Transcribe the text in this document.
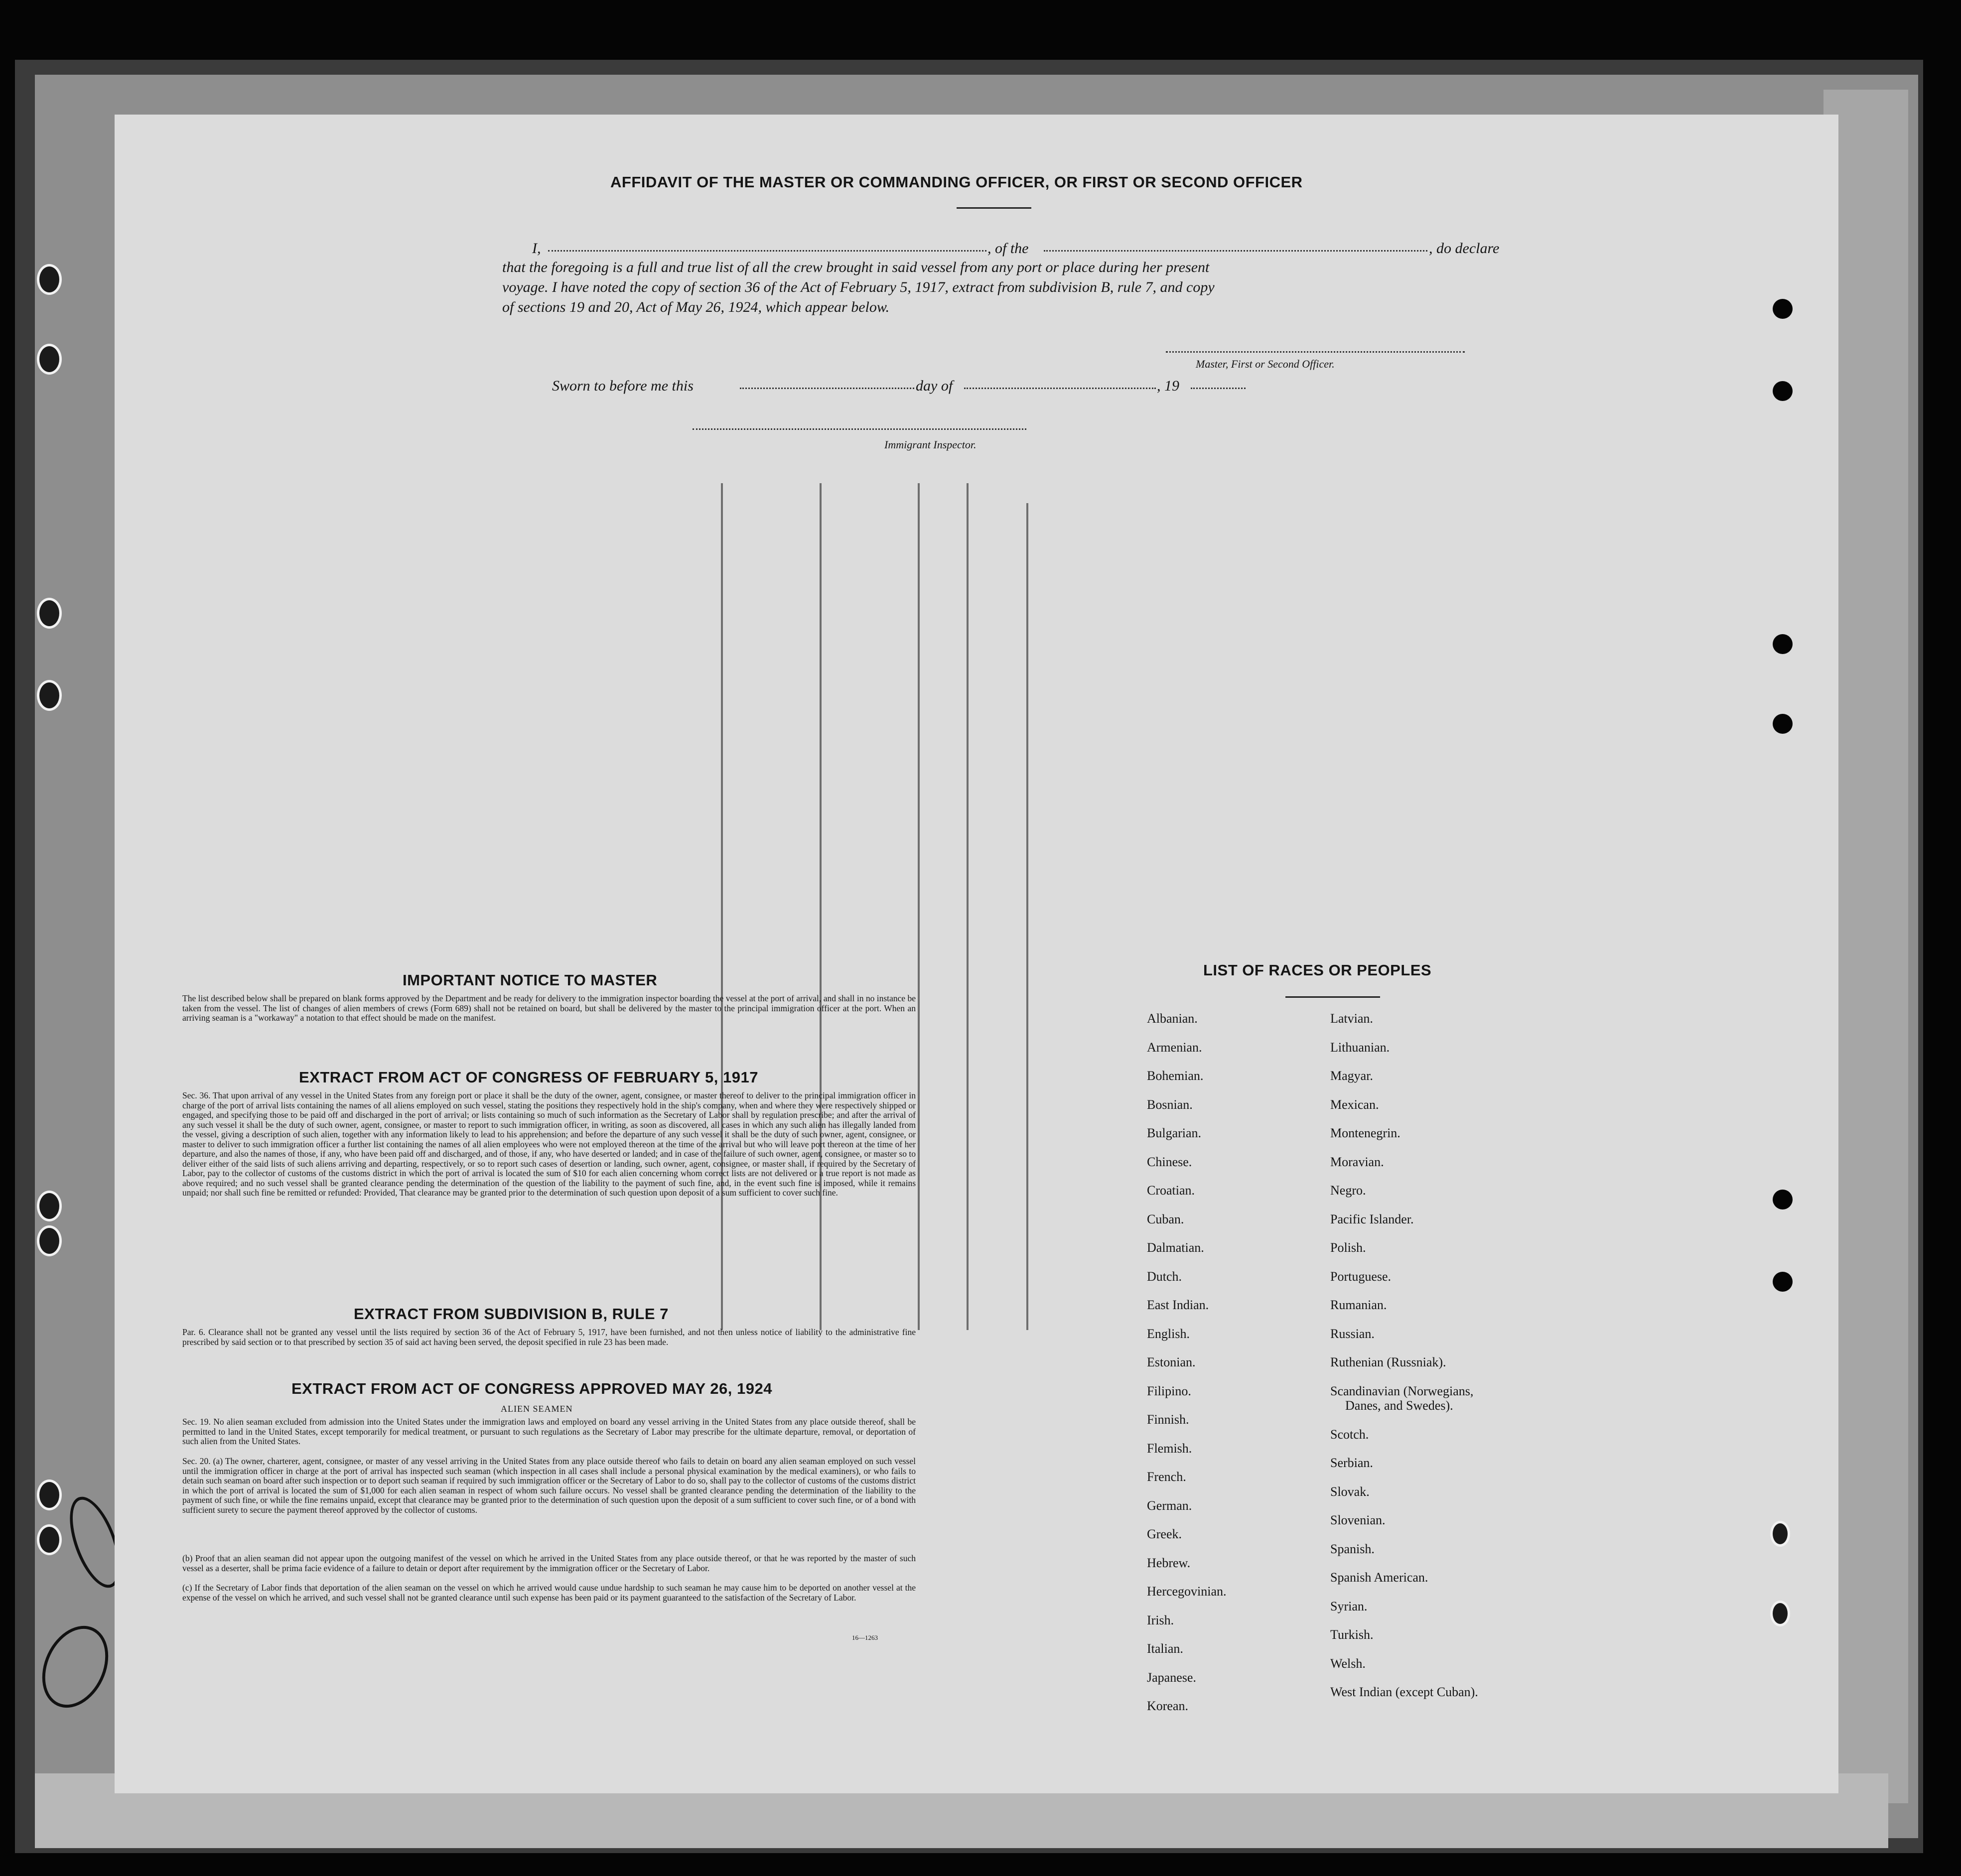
AFFIDAVIT OF THE MASTER OR COMMANDING OFFICER, OR FIRST OR SECOND OFFICER
I,	, of the	, do declare
that the foregoing is a full and true list of all the crew brought in said vessel from any port or place during her present
voyage. I have noted the copy of section 36 of the Act of February 5, 1917, extract from subdivision B, rule 7, and copy
of sections 19 and 20, Act of May 26, 1924, which appear below.
Master, First or Second Officer.
Sworn to before me this	day of	, 19
Immigrant Inspector.
IMPORTANT NOTICE TO MASTER
The list described below shall be prepared on blank forms approved by the Department and be ready for delivery to the immigration inspector boarding the vessel at the port of arrival, and shall in no instance be taken from the vessel. The list of changes of alien members of crews (Form 689) shall not be retained on board, but shall be delivered by the master to the principal immigration officer at the port. When an arriving seaman is a "workaway" a notation to that effect should be made on the manifest.
EXTRACT FROM ACT OF CONGRESS OF FEBRUARY 5, 1917
Sec. 36. That upon arrival of any vessel in the United States from any foreign port or place it shall be the duty of the owner, agent, consignee, or master thereof to deliver to the principal immigration officer in charge of the port of arrival lists containing the names of all aliens employed on such vessel, stating the positions they respectively hold in the ship's company, when and where they were respectively shipped or engaged, and specifying those to be paid off and discharged in the port of arrival; or lists containing so much of such information as the Secretary of Labor shall by regulation prescribe; and after the arrival of any such vessel it shall be the duty of such owner, agent, consignee, or master to report to such immigration officer, in writing, as soon as discovered, all cases in which any such alien has illegally landed from the vessel, giving a description of such alien, together with any information likely to lead to his apprehension; and before the departure of any such vessel it shall be the duty of such owner, agent, consignee, or master to deliver to such immigration officer a further list containing the names of all alien employees who were not employed thereon at the time of the arrival but who will leave port thereon at the time of her departure, and also the names of those, if any, who have been paid off and discharged, and of those, if any, who have deserted or landed; and in case of the failure of such owner, agent, consignee, or master so to deliver either of the said lists of such aliens arriving and departing, respectively, or so to report such cases of desertion or landing, such owner, agent, consignee, or master shall, if required by the Secretary of Labor, pay to the collector of customs of the customs district in which the port of arrival is located the sum of $10 for each alien concerning whom correct lists are not delivered or a true report is not made as above required; and no such vessel shall be granted clearance pending the determination of the question of the liability to the payment of such fine, and, in the event such fine is imposed, while it remains unpaid; nor shall such fine be remitted or refunded: Provided, That clearance may be granted prior to the determination of such question upon deposit of a sum sufficient to cover such fine.
EXTRACT FROM SUBDIVISION B, RULE 7
Par. 6. Clearance shall not be granted any vessel until the lists required by section 36 of the Act of February 5, 1917, have been furnished, and not then unless notice of liability to the administrative fine prescribed by said section or to that prescribed by section 35 of said act having been served, the deposit specified in rule 23 has been made.
EXTRACT FROM ACT OF CONGRESS APPROVED MAY 26, 1924
ALIEN SEAMEN
Sec. 19. No alien seaman excluded from admission into the United States under the immigration laws and employed on board any vessel arriving in the United States from any place outside thereof, shall be permitted to land in the United States, except temporarily for medical treatment, or pursuant to such regulations as the Secretary of Labor may prescribe for the ultimate departure, removal, or deportation of such alien from the United States.
Sec. 20. (a) The owner, charterer, agent, consignee, or master of any vessel arriving in the United States from any place outside thereof who fails to detain on board any alien seaman employed on such vessel until the immigration officer in charge at the port of arrival has inspected such seaman (which inspection in all cases shall include a personal physical examination by the medical examiners), or who fails to detain such seaman on board after such inspection or to deport such seaman if required by such immigration officer or the Secretary of Labor to do so, shall pay to the collector of customs of the customs district in which the port of arrival is located the sum of $1,000 for each alien seaman in respect of whom such failure occurs. No vessel shall be granted clearance pending the determination of the liability to the payment of such fine, or while the fine remains unpaid, except that clearance may be granted prior to the determination of such question upon the deposit of a sum sufficient to cover such fine, or of a bond with sufficient surety to secure the payment thereof approved by the collector of customs.
(b) Proof that an alien seaman did not appear upon the outgoing manifest of the vessel on which he arrived in the United States from any place outside thereof, or that he was reported by the master of such vessel as a deserter, shall be prima facie evidence of a failure to detain or deport after requirement by the immigration officer or the Secretary of Labor.
(c) If the Secretary of Labor finds that deportation of the alien seaman on the vessel on which he arrived would cause undue hardship to such seaman he may cause him to be deported on another vessel at the expense of the vessel on which he arrived, and such vessel shall not be granted clearance until such expense has been paid or its payment guaranteed to the satisfaction of the Secretary of Labor.
16—1263
LIST OF RACES OR PEOPLES
Albanian.
Armenian.
Bohemian.
Bosnian.
Bulgarian.
Chinese.
Croatian.
Cuban.
Dalmatian.
Dutch.
East Indian.
English.
Estonian.
Filipino.
Finnish.
Flemish.
French.
German.
Greek.
Hebrew.
Hercegovinian.
Irish.
Italian.
Japanese.
Korean.
Latvian.
Lithuanian.
Magyar.
Mexican.
Montenegrin.
Moravian.
Negro.
Pacific Islander.
Polish.
Portuguese.
Rumanian.
Russian.
Ruthenian (Russniak).
Scandinavian (Norwegians,
Danes, and Swedes).
Scotch.
Serbian.
Slovak.
Slovenian.
Spanish.
Spanish American.
Syrian.
Turkish.
Welsh.
West Indian (except Cuban).
